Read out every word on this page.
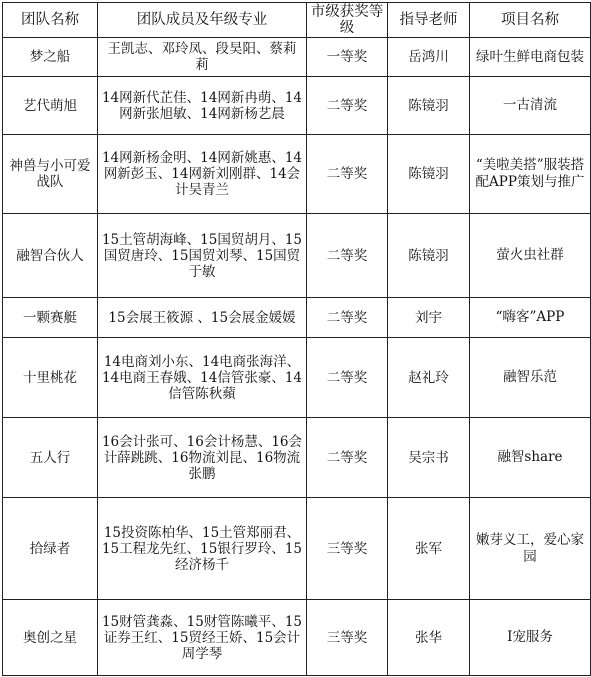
团队名称	团队成员及年级专业	市级获奖等级	指导老师	项目名称
梦之船	王凯志、邓玲凤、段昊阳、蔡莉莉	一等奖	岳鸿川	绿叶生鲜电商包装
艺代萌旭	14网新代芷佳、14网新冉萌、14网新张旭敏、14网新杨艺晨	二等奖	陈镜羽	一古清流
神兽与小可爱战队	14网新杨金明、14网新姚惠、14网新彭玉、14网新刘刚群、14会计吴青兰	二等奖	陈镜羽	“美啦美搭”服装搭配APP策划与推广
融智合伙人	15土管胡海峰、15国贸胡月、15国贸唐玲、15国贸刘琴、15国贸于敏	二等奖	陈镜羽	萤火虫社群
一颗赛艇	15会展王筱源 、15会展金媛媛	二等奖	刘宇	“嗨客”APP
十里桃花	14电商刘小东、14电商张海洋、14电商王春娥、14信管张豪、14信管陈秋蘋	二等奖	赵礼玲	融智乐范
五人行	16会计张可、16会计杨慧、16会计薛跳跳、16物流刘昆、16物流张鹏	二等奖	吴宗书	融智share
拾绿者	15投资陈柏华、15土管郑丽君、15工程龙先红、15银行罗玲、15经济杨千	三等奖	张军	嫩芽义工，爱心家园
奥创之星	15财管龚淼、15财管陈曦平、15证券王红、15贸经王娇、15会计周学琴	三等奖	张华	I宠服务
